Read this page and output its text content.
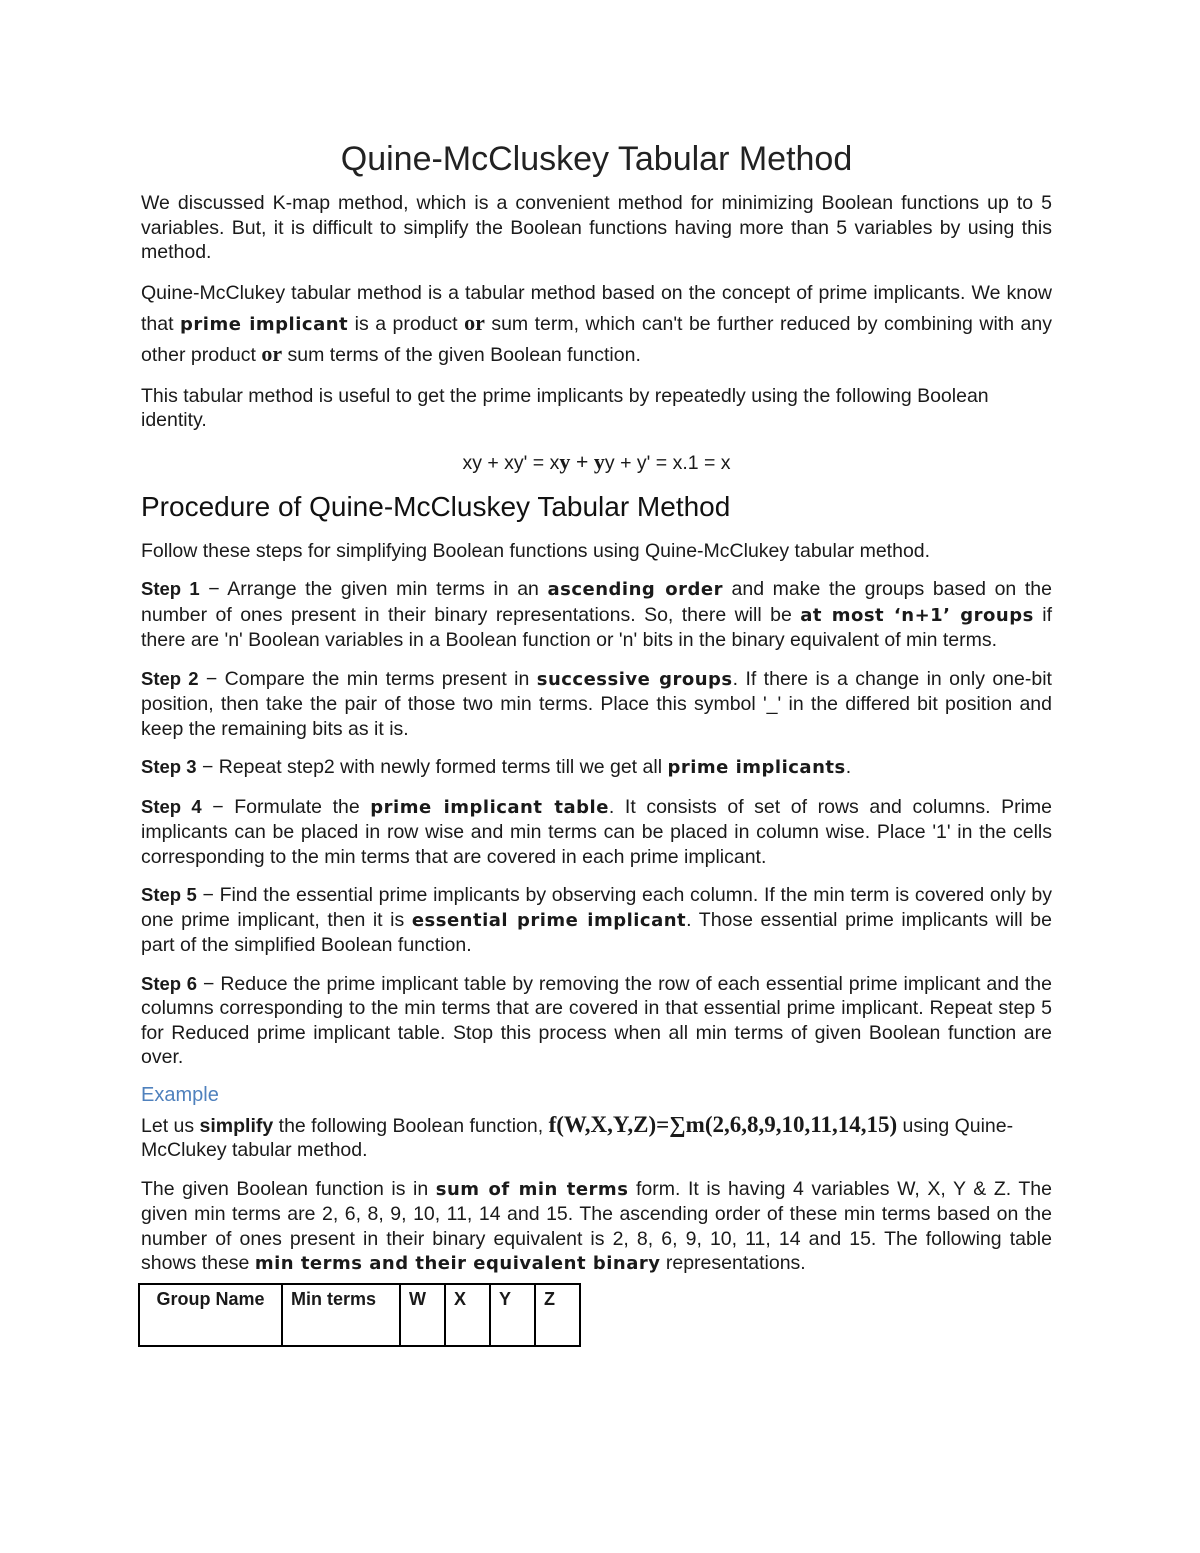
Quine-McCluskey Tabular Method

We discussed K-map method, which is a convenient method for minimizing Boolean functions up to 5 variables. But, it is difficult to simplify the Boolean functions having more than 5 variables by using this method.

Quine-McClukey tabular method is a tabular method based on the concept of prime implicants. We know that prime implicant is a product or sum term, which can't be further reduced by combining with any other product or sum terms of the given Boolean function.

This tabular method is useful to get the prime implicants by repeatedly using the following Boolean identity.

xy + xy' = xy + yy + y' = x.1 = x
Procedure of Quine-McCluskey Tabular Method

Follow these steps for simplifying Boolean functions using Quine-McClukey tabular method.

Step 1 − Arrange the given min terms in an ascending order and make the groups based on the number of ones present in their binary representations. So, there will be at most ‘n+1’ groups if there are 'n' Boolean variables in a Boolean function or 'n' bits in the binary equivalent of min terms.

Step 2 − Compare the min terms present in successive groups. If there is a change in only one-bit position, then take the pair of those two min terms. Place this symbol '_' in the differed bit position and keep the remaining bits as it is.

Step 3 − Repeat step2 with newly formed terms till we get all prime implicants.

Step 4 − Formulate the prime implicant table. It consists of set of rows and columns. Prime implicants can be placed in row wise and min terms can be placed in column wise. Place '1' in the cells corresponding to the min terms that are covered in each prime implicant.

Step 5 − Find the essential prime implicants by observing each column. If the min term is covered only by one prime implicant, then it is essential prime implicant. Those essential prime implicants will be part of the simplified Boolean function.

Step 6 − Reduce the prime implicant table by removing the row of each essential prime implicant and the columns corresponding to the min terms that are covered in that essential prime implicant. Repeat step 5 for Reduced prime implicant table. Stop this process when all min terms of given Boolean function are over.

Example

Let us simplify the following Boolean function, f(W,X,Y,Z)=∑m(2,6,8,9,10,11,14,15) using Quine-McClukey tabular method.

The given Boolean function is in sum of min terms form. It is having 4 variables W, X, Y & Z. The given min terms are 2, 6, 8, 9, 10, 11, 14 and 15. The ascending order of these min terms based on the number of ones present in their binary equivalent is 2, 8, 6, 9, 10, 11, 14 and 15. The following table shows these min terms and their equivalent binary representations.

Group Name	Min terms	W	X	Y	Z
